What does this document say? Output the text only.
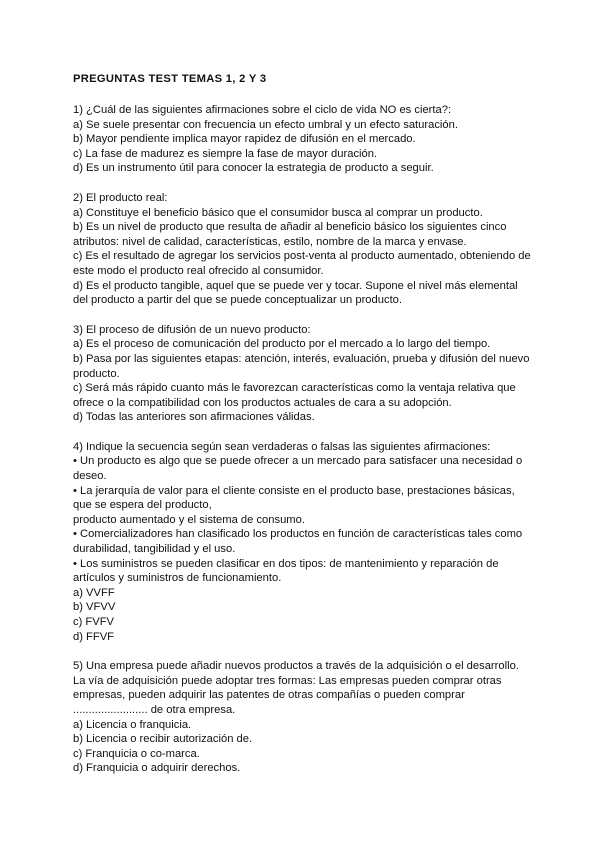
PREGUNTAS TEST TEMAS 1, 2 Y 3
1) ¿Cuál de las siguientes afirmaciones sobre el ciclo de vida NO es cierta?:
a) Se suele presentar con frecuencia un efecto umbral y un efecto saturación.
b) Mayor pendiente implica mayor rapidez de difusión en el mercado.
c) La fase de madurez es siempre la fase de mayor duración.
d) Es un instrumento útil para conocer la estrategia de producto a seguir.
2) El producto real:
a) Constituye el beneficio básico que el consumidor busca al comprar un producto.
b) Es un nivel de producto que resulta de añadir al beneficio básico los siguientes cinco
atributos: nivel de calidad, características, estilo, nombre de la marca y envase.
c) Es el resultado de agregar los servicios post-venta al producto aumentado, obteniendo de
este modo el producto real ofrecido al consumidor.
d) Es el producto tangible, aquel que se puede ver y tocar. Supone el nivel más elemental
del producto a partir del que se puede conceptualizar un producto.
3) El proceso de difusión de un nuevo producto:
a) Es el proceso de comunicación del producto por el mercado a lo largo del tiempo.
b) Pasa por las siguientes etapas: atención, interés, evaluación, prueba y difusión del nuevo
producto.
c) Será más rápido cuanto más le favorezcan características como la ventaja relativa que
ofrece o la compatibilidad con los productos actuales de cara a su adopción.
d) Todas las anteriores son afirmaciones válidas.
4) Indique la secuencia según sean verdaderas o falsas las siguientes afirmaciones:
• Un producto es algo que se puede ofrecer a un mercado para satisfacer una necesidad o
deseo.
• La jerarquía de valor para el cliente consiste en el producto base, prestaciones básicas,
que se espera del producto,
producto aumentado y el sistema de consumo.
• Comercializadores han clasificado los productos en función de características tales como
durabilidad, tangibilidad y el uso.
• Los suministros se pueden clasificar en dos tipos: de mantenimiento y reparación de
artículos y suministros de funcionamiento.
a) VVFF
b) VFVV
c) FVFV
d) FFVF
5) Una empresa puede añadir nuevos productos a través de la adquisición o el desarrollo.
La vía de adquisición puede adoptar tres formas: Las empresas pueden comprar otras
empresas, pueden adquirir las patentes de otras compañías o pueden comprar
........................ de otra empresa.
a) Licencia o franquicia.
b) Licencia o recibir autorización de.
c) Franquicia o co-marca.
d) Franquicia o adquirir derechos.
